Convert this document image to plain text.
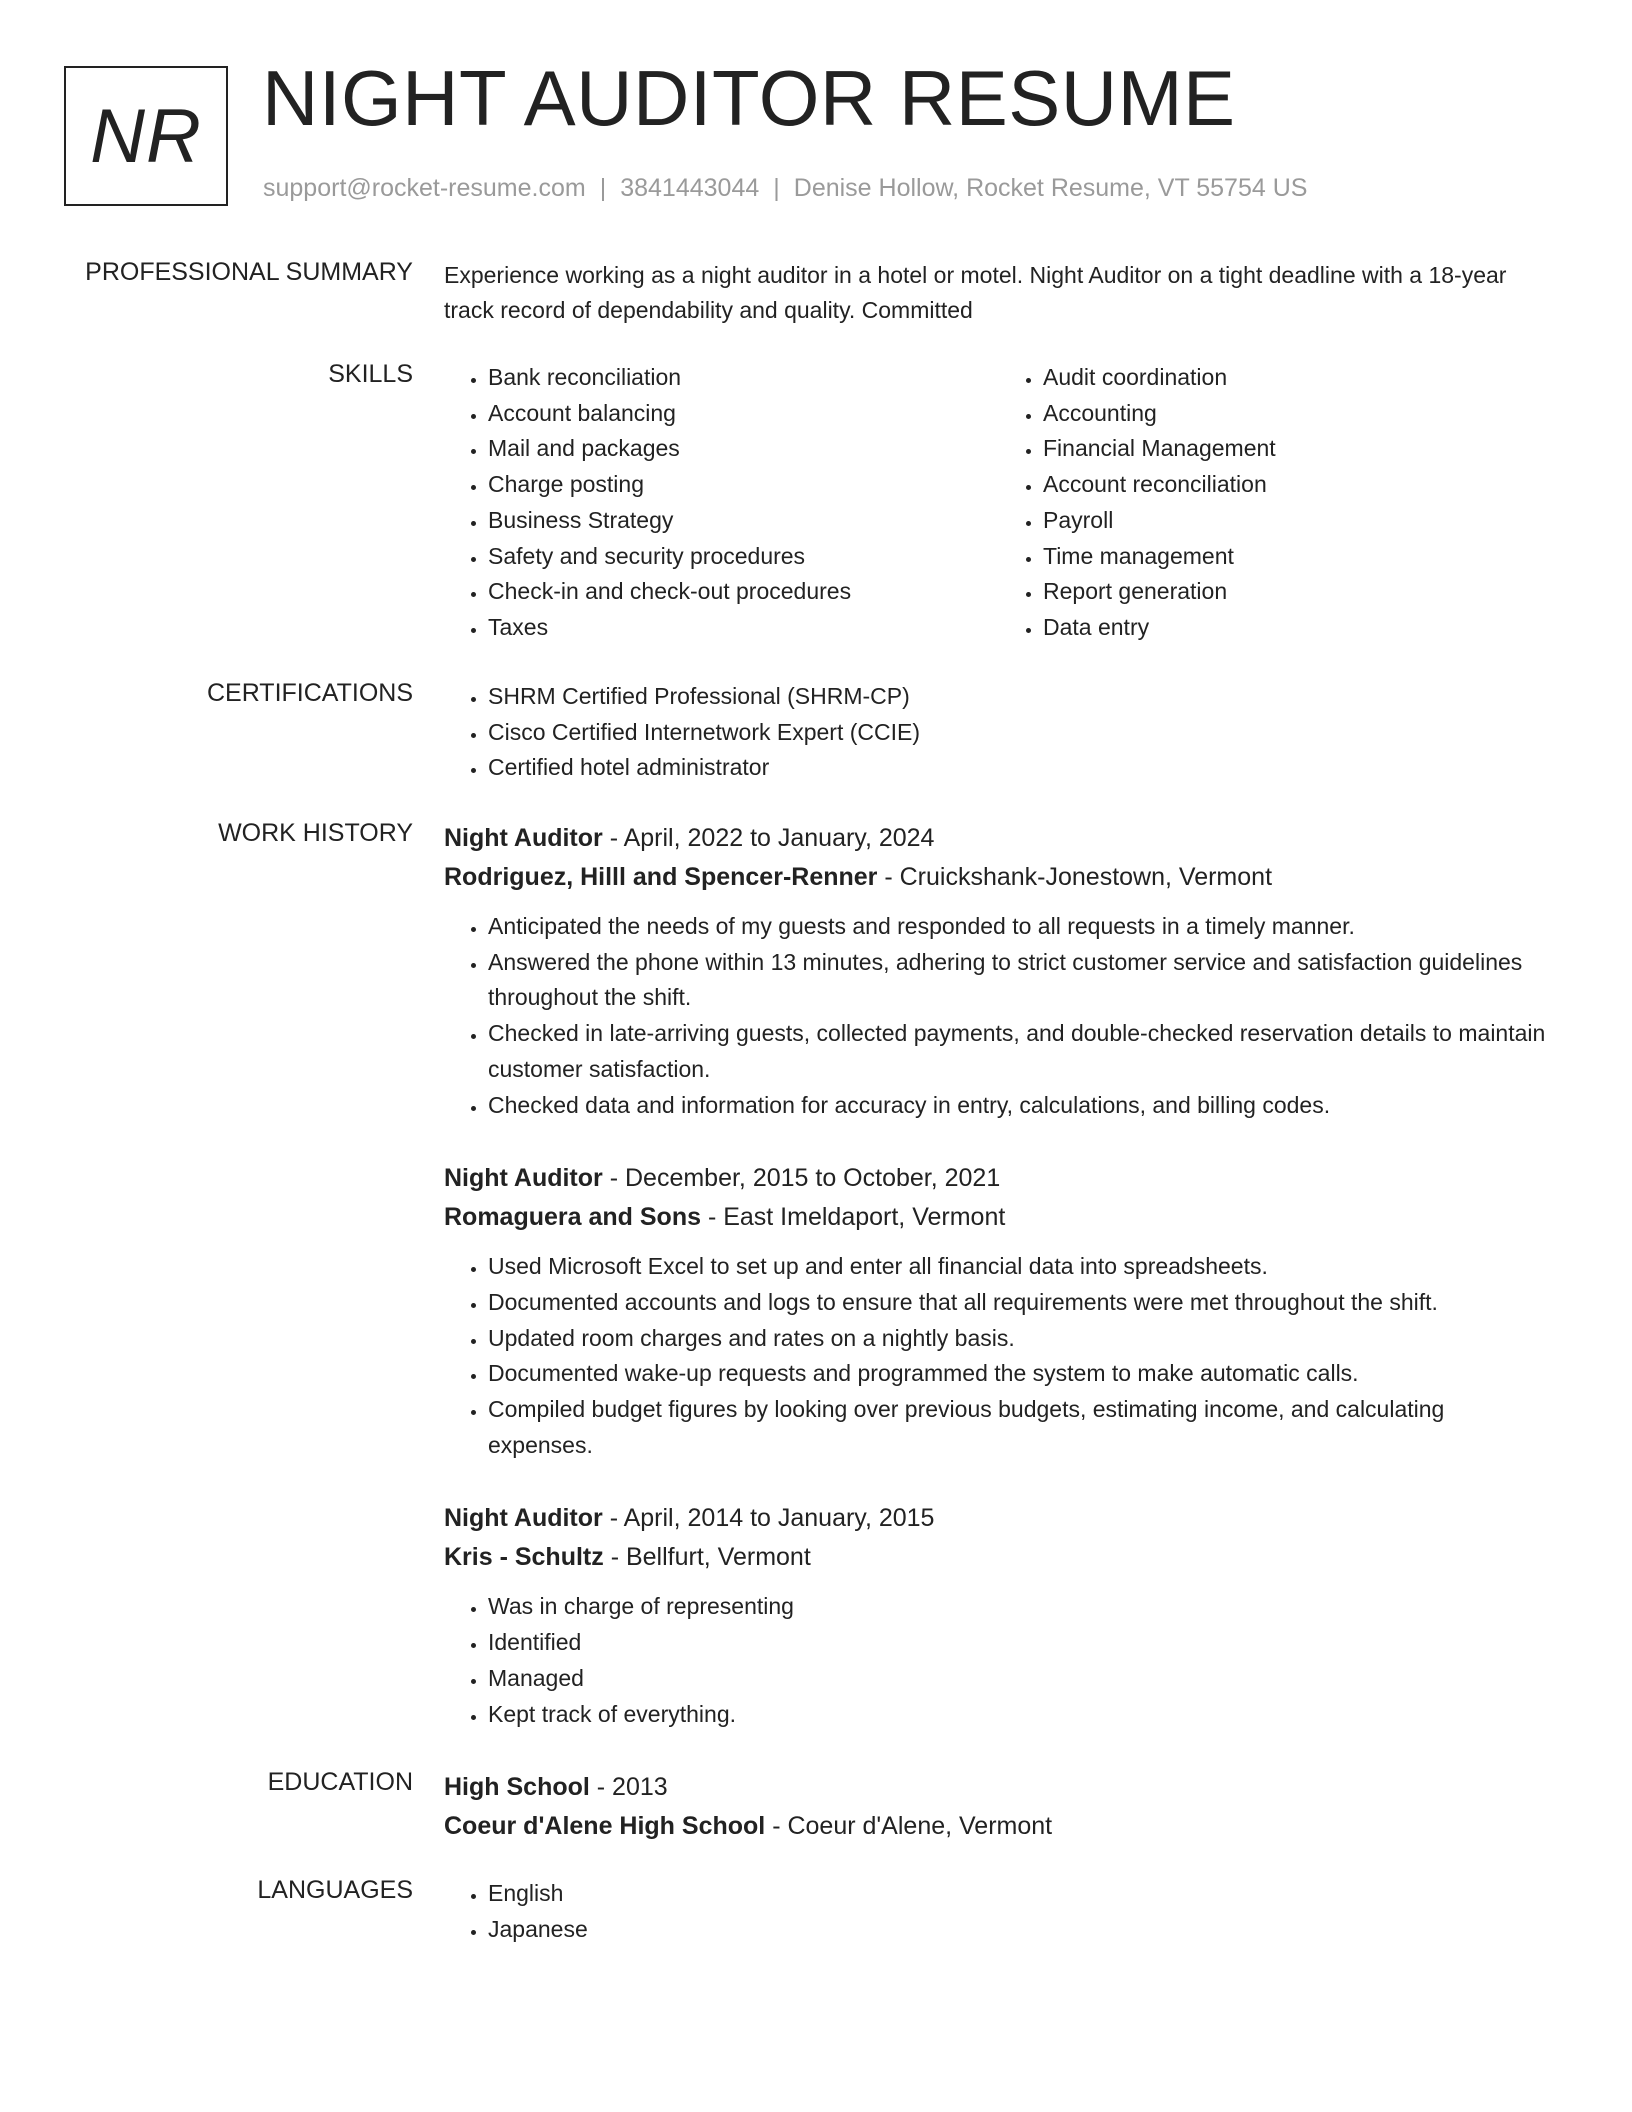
NR NIGHT AUDITOR RESUME
support@rocket-resume.com | 3841443044 | Denise Hollow, Rocket Resume, VT 55754 US
PROFESSIONAL SUMMARY Experience working as a night auditor in a hotel or motel. Night Auditor on a tight deadline with a 18-year track record of dependability and quality. Committed

SKILLS	• Bank reconciliation
• Account balancing
• Mail and packages
• Charge posting
• Business Strategy
• Safety and security procedures
• Check-in and check-out procedures
• Taxes
• Audit coordination
• Accounting
• Financial Management
• Account reconciliation
• Payroll
• Time management
• Report generation
• Data entry
CERTIFICATIONS	• SHRM Certified Professional (SHRM-CP)
• Cisco Certified Internetwork Expert (CCIE)
• Certified hotel administrator
WORK HISTORY Night Auditor - April, 2022 to January, 2024
Rodriguez, Hilll and Spencer-Renner - Cruickshank-Jonestown, Vermont
• Anticipated the needs of my guests and responded to all requests in a timely manner.
• Answered the phone within 13 minutes, adhering to strict customer service and satisfaction guidelines throughout the shift.
• Checked in late-arriving guests, collected payments, and double-checked reservation details to maintain customer satisfaction.
• Checked data and information for accuracy in entry, calculations, and billing codes.
Night Auditor - December, 2015 to October, 2021
Romaguera and Sons - East Imeldaport, Vermont
• Used Microsoft Excel to set up and enter all financial data into spreadsheets.
• Documented accounts and logs to ensure that all requirements were met throughout the shift.
• Updated room charges and rates on a nightly basis.
• Documented wake-up requests and programmed the system to make automatic calls.
• Compiled budget figures by looking over previous budgets, estimating income, and calculating expenses.
Night Auditor - April, 2014 to January, 2015
Kris - Schultz - Bellfurt, Vermont
• Was in charge of representing
• Identified
• Managed
• Kept track of everything.
EDUCATION High School - 2013
Coeur d'Alene High School - Coeur d'Alene, Vermont
LANGUAGES	• English
• Japanese
